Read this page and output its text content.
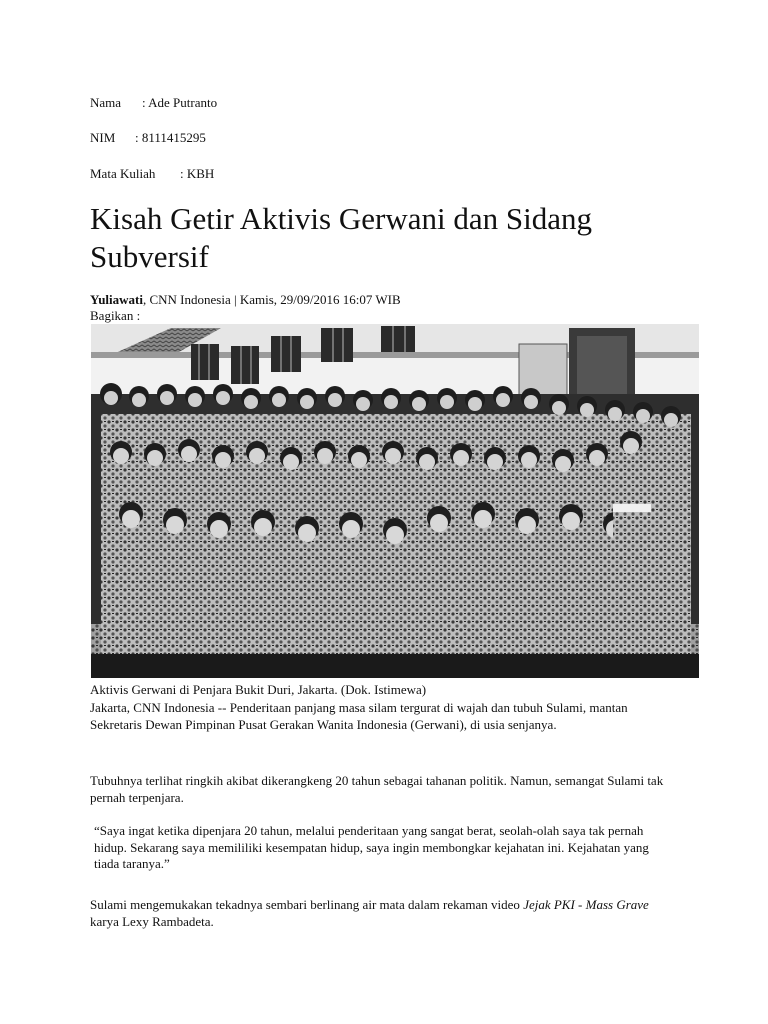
Nama : Ade Putranto
NIM : 8111415295
Mata Kuliah : KBH
Kisah Getir Aktivis Gerwani dan Sidang Subversif
Yuliawati, CNN Indonesia | Kamis, 29/09/2016 16:07 WIB
Bagikan :
Aktivis Gerwani di Penjara Bukit Duri, Jakarta. (Dok. Istimewa)
Jakarta, CNN Indonesia -- Penderitaan panjang masa silam tergurat di wajah dan tubuh Sulami, mantan Sekretaris Dewan Pimpinan Pusat Gerakan Wanita Indonesia (Gerwani), di usia senjanya.
Tubuhnya terlihat ringkih akibat dikerangkeng 20 tahun sebagai tahanan politik. Namun, semangat Sulami tak pernah terpenjara.
“Saya ingat ketika dipenjara 20 tahun, melalui penderitaan yang sangat berat, seolah-olah saya tak pernah hidup. Sekarang saya memililiki kesempatan hidup, saya ingin membongkar kejahatan ini. Kejahatan yang tiada taranya.”
Sulami mengemukakan tekadnya sembari berlinang air mata dalam rekaman video Jejak PKI - Mass Grave karya Lexy Rambadeta.
